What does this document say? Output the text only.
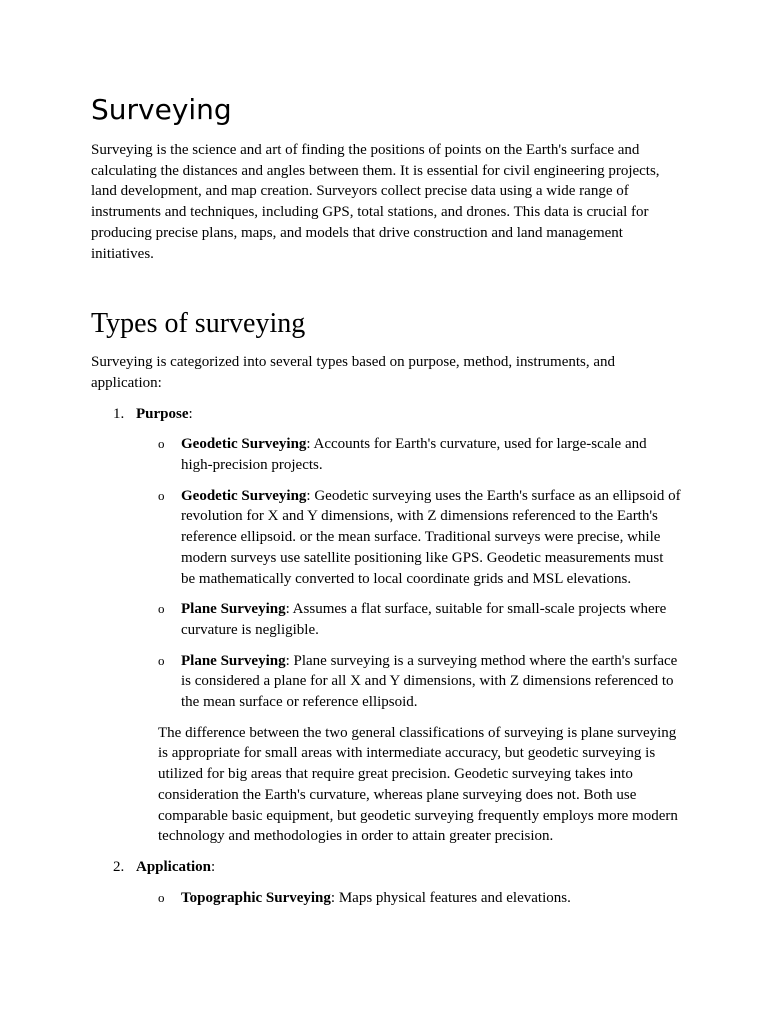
Surveying

Surveying is the science and art of finding the positions of points on the Earth's surface and calculating the distances and angles between them. It is essential for civil engineering projects, land development, and map creation. Surveyors collect precise data using a wide range of instruments and techniques, including GPS, total stations, and drones. This data is crucial for producing precise plans, maps, and models that drive construction and land management initiatives.

Types of surveying

Surveying is categorized into several types based on purpose, method, instruments, and application:

1. Purpose:
o Geodetic Surveying: Accounts for Earth's curvature, used for large-scale and high-precision projects.
o Geodetic Surveying: Geodetic surveying uses the Earth's surface as an ellipsoid of revolution for X and Y dimensions, with Z dimensions referenced to the Earth's reference ellipsoid. or the mean surface. Traditional surveys were precise, while modern surveys use satellite positioning like GPS. Geodetic measurements must be mathematically converted to local coordinate grids and MSL elevations.
o Plane Surveying: Assumes a flat surface, suitable for small-scale projects where curvature is negligible.
o Plane Surveying: Plane surveying is a surveying method where the earth's surface is considered a plane for all X and Y dimensions, with Z dimensions referenced to the mean surface or reference ellipsoid.

The difference between the two general classifications of surveying is plane surveying is appropriate for small areas with intermediate accuracy, but geodetic surveying is utilized for big areas that require great precision. Geodetic surveying takes into consideration the Earth's curvature, whereas plane surveying does not. Both use comparable basic equipment, but geodetic surveying frequently employs more modern technology and methodologies in order to attain greater precision.

2. Application:
o Topographic Surveying: Maps physical features and elevations.
